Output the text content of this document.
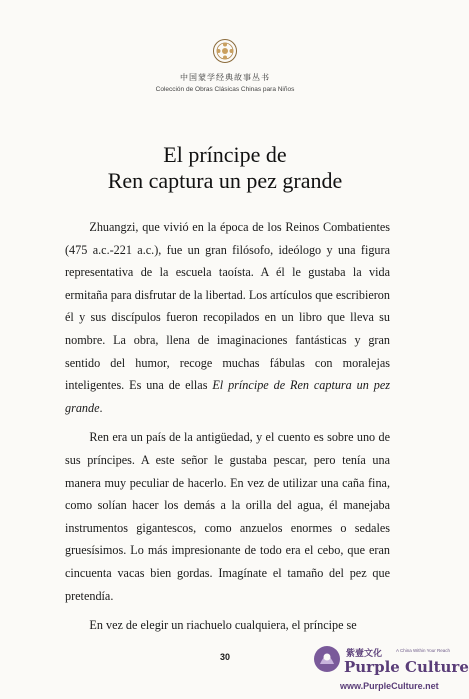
中国蒙学经典故事丛书
Colección de Obras Clásicas Chinas para Niños
El príncipe de
Ren captura un pez grande

Zhuangzi, que vivió en la época de los Reinos Combatientes (475 a.c.-221 a.c.), fue un gran filósofo, ideólogo y una figura representativa de la escuela taoísta. A él le gustaba la vida ermitaña para disfrutar de la libertad. Los artículos que escribieron él y sus discípulos fueron recopilados en un libro que lleva su nombre. La obra, llena de imaginaciones fantásticas y gran sentido del humor, recoge muchas fábulas con moralejas inteligentes. Es una de ellas El príncipe de Ren captura un pez grande.

Ren era un país de la antigüedad, y el cuento es sobre uno de sus príncipes. A este señor le gustaba pescar, pero tenía una manera muy peculiar de hacerlo. En vez de utilizar una caña fina, como solían hacer los demás a la orilla del agua, él manejaba instrumentos gigantescos, como anzuelos enormes o sedales gruesísimos. Lo más impresionante de todo era el cebo, que eran cincuenta vacas bien gordas. Imagínate el tamaño del pez que pretendía.

En vez de elegir un riachuelo cualquiera, el príncipe se

30	紫壹文化	A China Within Your Reach
Purple Culture
www.PurpleCulture.net
